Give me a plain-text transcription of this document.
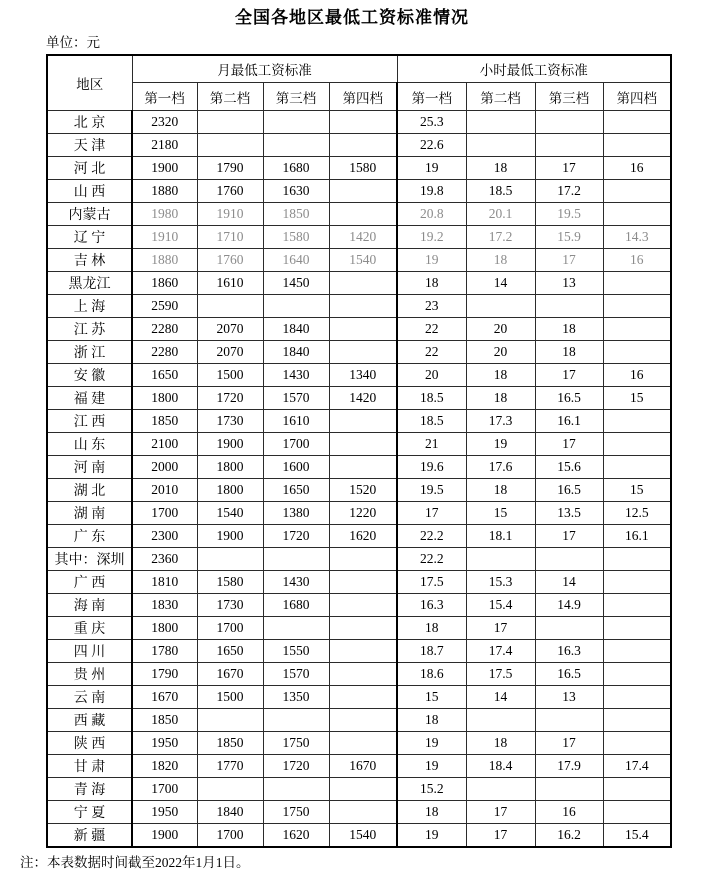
全国各地区最低工资标准情况
单位：元
地区	月最低工资标准				小时最低工资标准			
	第一档	第二档	第三档	第四档	第一档	第二档	第三档	第四档
北 京	2320				25.3			
天 津	2180				22.6			
河 北	1900	1790	1680	1580	19	18	17	16
山 西	1880	1760	1630		19.8	18.5	17.2	
内蒙古	1980	1910	1850		20.8	20.1	19.5	
辽 宁	1910	1710	1580	1420	19.2	17.2	15.9	14.3
吉 林	1880	1760	1640	1540	19	18	17	16
黑龙江	1860	1610	1450		18	14	13	
上 海	2590				23			
江 苏	2280	2070	1840		22	20	18	
浙 江	2280	2070	1840		22	20	18	
安 徽	1650	1500	1430	1340	20	18	17	16
福 建	1800	1720	1570	1420	18.5	18	16.5	15
江 西	1850	1730	1610		18.5	17.3	16.1	
山 东	2100	1900	1700		21	19	17	
河 南	2000	1800	1600		19.6	17.6	15.6	
湖 北	2010	1800	1650	1520	19.5	18	16.5	15
湖 南	1700	1540	1380	1220	17	15	13.5	12.5
广 东	2300	1900	1720	1620	22.2	18.1	17	16.1
其中：深圳	2360				22.2			
广 西	1810	1580	1430		17.5	15.3	14	
海 南	1830	1730	1680		16.3	15.4	14.9	
重 庆	1800	1700			18	17		
四 川	1780	1650	1550		18.7	17.4	16.3	
贵 州	1790	1670	1570		18.6	17.5	16.5	
云 南	1670	1500	1350		15	14	13	
西 藏	1850				18			
陕 西	1950	1850	1750		19	18	17	
甘 肃	1820	1770	1720	1670	19	18.4	17.9	17.4
青 海	1700				15.2			
宁 夏	1950	1840	1750		18	17	16	
新 疆	1900	1700	1620	1540	19	17	16.2	15.4
注：本表数据时间截至2022年1月1日。
